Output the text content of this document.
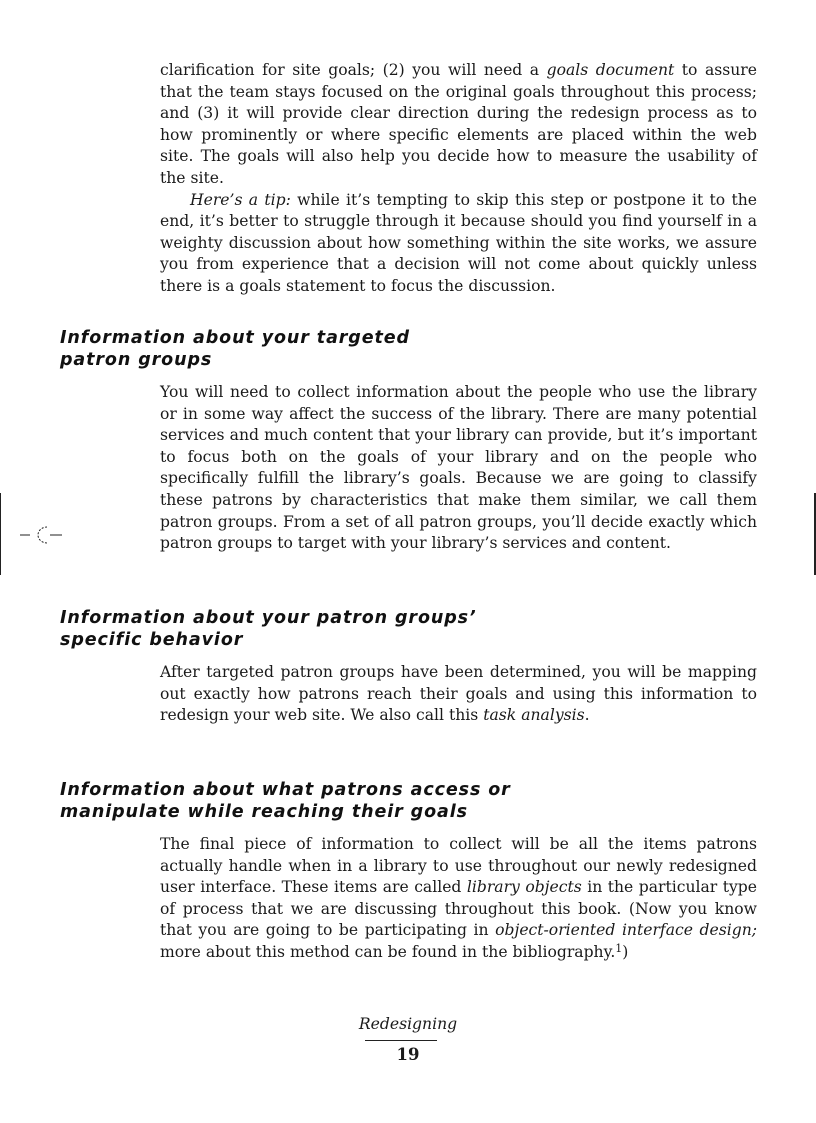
clarification for site goals; (2) you will need a goals document to assure that the team stays focused on the original goals throughout this process; and (3) it will provide clear direction during the redesign process as to how prominently or where specific elements are placed within the web site. The goals will also help you decide how to measure the usability of the site.

Here’s a tip: while it’s tempting to skip this step or postpone it to the end, it’s better to struggle through it because should you find yourself in a weighty discussion about how something within the site works, we assure you from experience that a decision will not come about quickly unless there is a goals statement to focus the discussion.

Information about your targeted
patron groups

You will need to collect information about the people who use the library or in some way affect the success of the library. There are many potential services and much content that your library can provide, but it’s important to focus both on the goals of your library and on the people who specifically fulfill the library’s goals. Because we are going to classify these patrons by characteristics that make them similar, we call them patron groups. From a set of all patron groups, you’ll decide exactly which patron groups to target with your library’s services and content.

Information about your patron groups’
specific behavior

After targeted patron groups have been determined, you will be mapping out exactly how patrons reach their goals and using this information to redesign your web site. We also call this task analysis.

Information about what patrons access or
manipulate while reaching their goals

The final piece of information to collect will be all the items patrons actually handle when in a library to use throughout our newly redesigned user interface. These items are called library objects in the particular type of process that we are discussing throughout this book. (Now you know that you are going to be participating in object-oriented interface design; more about this method can be found in the bibliography.$^1$)

Redesigning
19
